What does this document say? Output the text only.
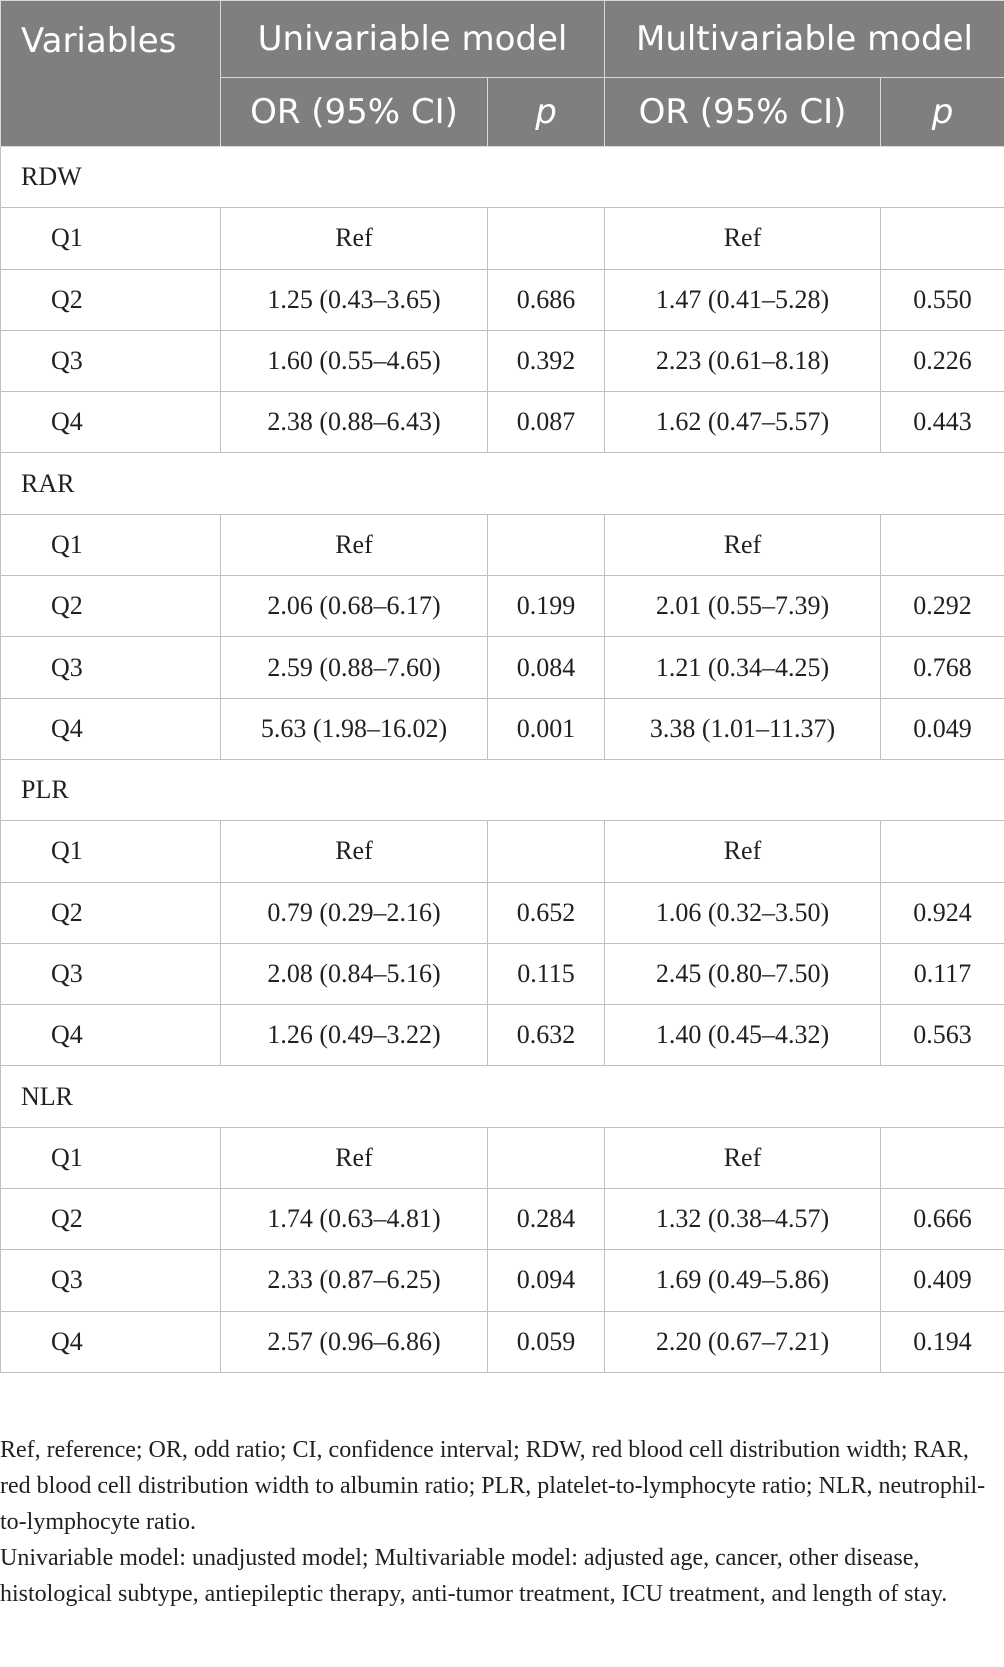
Variables	Univariable model		Multivariable model	
	OR (95% CI)	p	OR (95% CI)	p
RDW				
Q1	Ref		Ref	
Q2	1.25 (0.43–3.65)	0.686	1.47 (0.41–5.28)	0.550
Q3	1.60 (0.55–4.65)	0.392	2.23 (0.61–8.18)	0.226
Q4	2.38 (0.88–6.43)	0.087	1.62 (0.47–5.57)	0.443
RAR				
Q1	Ref		Ref	
Q2	2.06 (0.68–6.17)	0.199	2.01 (0.55–7.39)	0.292
Q3	2.59 (0.88–7.60)	0.084	1.21 (0.34–4.25)	0.768
Q4	5.63 (1.98–16.02)	0.001	3.38 (1.01–11.37)	0.049
PLR				
Q1	Ref		Ref	
Q2	0.79 (0.29–2.16)	0.652	1.06 (0.32–3.50)	0.924
Q3	2.08 (0.84–5.16)	0.115	2.45 (0.80–7.50)	0.117
Q4	1.26 (0.49–3.22)	0.632	1.40 (0.45–4.32)	0.563
NLR				
Q1	Ref		Ref	
Q2	1.74 (0.63–4.81)	0.284	1.32 (0.38–4.57)	0.666
Q3	2.33 (0.87–6.25)	0.094	1.69 (0.49–5.86)	0.409
Q4	2.57 (0.96–6.86)	0.059	2.20 (0.67–7.21)	0.194

Ref, reference; OR, odd ratio; CI, confidence interval; RDW, red blood cell distribution width; RAR, red blood cell distribution width to albumin ratio; PLR, platelet-to-lymphocyte ratio; NLR, neutrophil-to-lymphocyte ratio.

Univariable model: unadjusted model; Multivariable model: adjusted age, cancer, other disease, histological subtype, antiepileptic therapy, anti-tumor treatment, ICU treatment, and length of stay.
